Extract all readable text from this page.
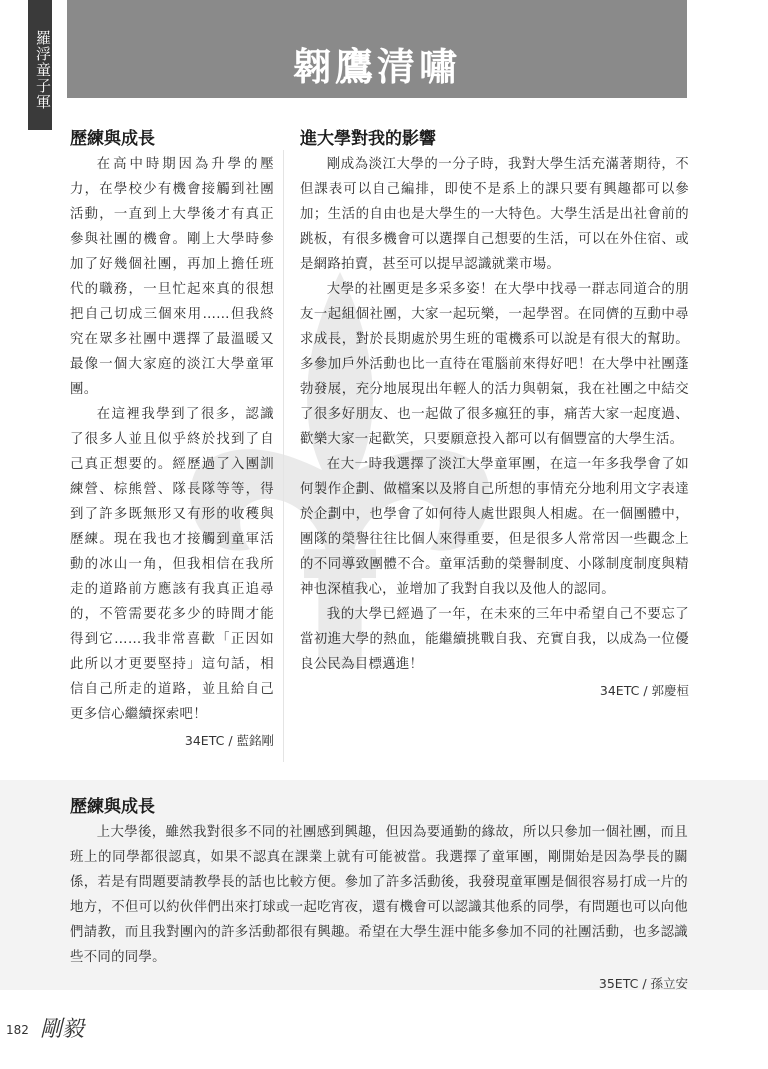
羅浮童子軍	翱鷹清嘯
歷練與成長

在高中時期因為升學的壓力，在學校少有機會接觸到社團活動，一直到上大學後才有真正參與社團的機會。剛上大學時參加了好幾個社團，再加上擔任班代的職務，一旦忙起來真的很想把自己切成三個來用……但我終究在眾多社團中選擇了最溫暖又最像一個大家庭的淡江大學童軍團。

在這裡我學到了很多，認識了很多人並且似乎終於找到了自己真正想要的。經歷過了入團訓練營、棕熊營、隊長隊等等，得到了許多既無形又有形的收穫與歷練。現在我也才接觸到童軍活動的冰山一角，但我相信在我所走的道路前方應該有我真正追尋的，不管需要花多少的時間才能得到它……我非常喜歡「正因如此所以才更要堅持」這句話，相信自己所走的道路，並且給自己更多信心繼續探索吧！

34ETC / 藍銘剛
進大學對我的影響

剛成為淡江大學的一分子時，我對大學生活充滿著期待，不但課表可以自己編排，即使不是系上的課只要有興趣都可以參加；生活的自由也是大學生的一大特色。大學生活是出社會前的跳板，有很多機會可以選擇自己想要的生活，可以在外住宿、或是網路拍賣，甚至可以提早認識就業市場。

大學的社團更是多采多姿！在大學中找尋一群志同道合的朋友一起組個社團，大家一起玩樂，一起學習。在同儕的互動中尋求成長，對於長期處於男生班的電機系可以說是有很大的幫助。多參加戶外活動也比一直待在電腦前來得好吧！在大學中社團蓬勃發展，充分地展現出年輕人的活力與朝氣，我在社團之中結交了很多好朋友、也一起做了很多瘋狂的事，痛苦大家一起度過、歡樂大家一起歡笑，只要願意投入都可以有個豐富的大學生活。

在大一時我選擇了淡江大學童軍團，在這一年多我學會了如何製作企劃、做檔案以及將自己所想的事情充分地利用文字表達於企劃中，也學會了如何待人處世跟與人相處。在一個團體中，團隊的榮譽往往比個人來得重要，但是很多人常常因一些觀念上的不同導致團體不合。童軍活動的榮譽制度、小隊制度制度與精神也深植我心，並增加了我對自我以及他人的認同。

我的大學已經過了一年，在未來的三年中希望自己不要忘了當初進大學的熱血，能繼續挑戰自我、充實自我，以成為一位優良公民為目標邁進！

34ETC / 郭慶桓
歷練與成長

上大學後，雖然我對很多不同的社團感到興趣，但因為要通勤的緣故，所以只參加一個社團，而且班上的同學都很認真，如果不認真在課業上就有可能被當。我選擇了童軍團，剛開始是因為學長的關係，若是有問題要請教學長的話也比較方便。參加了許多活動後，我發現童軍團是個很容易打成一片的地方，不但可以約伙伴們出來打球或一起吃宵夜，還有機會可以認識其他系的同學，有問題也可以向他們請教，而且我對團內的許多活動都很有興趣。希望在大學生涯中能多參加不同的社團活動，也多認識些不同的同學。

35ETC / 孫立安
182 剛毅
